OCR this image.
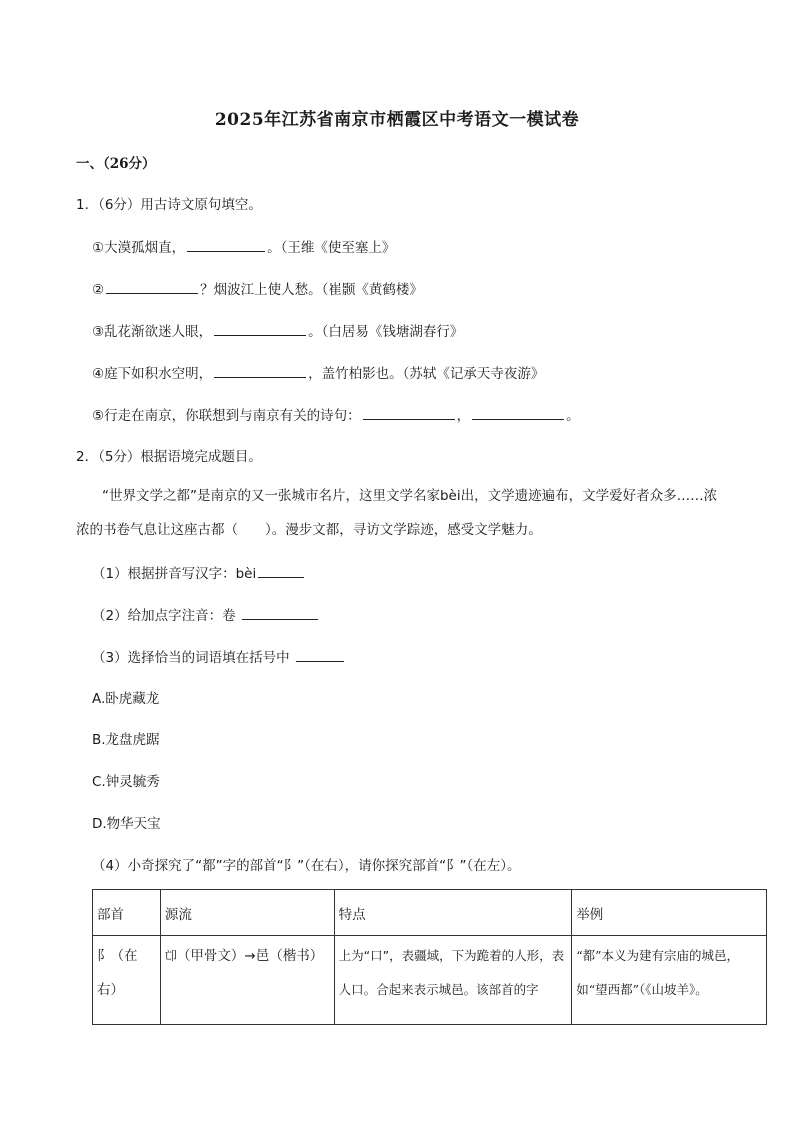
2025年江苏省南京市栖霞区中考语文一模试卷
一、（26分）
1．（6分）用古诗文原句填空。
①大漠孤烟直，	。（王维《使至塞上》
②	？烟波江上使人愁。（崔颢《黄鹤楼》
③乱花渐欲迷人眼，	。（白居易《钱塘湖春行》
④庭下如积水空明，	，盖竹柏影也。（苏轼《记承天寺夜游》
⑤行走在南京，你联想到与南京有关的诗句：	，	。
2．（5分）根据语境完成题目。
“世界文学之都”是南京的又一张城市名片，这里文学名家bèi出，文学遗迹遍布，文学爱好者众多……浓浓的书卷气息让这座古都（　　）。漫步文都，寻访文学踪迹，感受文学魅力。
（1）根据拼音写汉字：bèi
（2）给加点字注音：卷
（3）选择恰当的词语填在括号中
A.卧虎藏龙
B.龙盘虎踞
C.钟灵毓秀
D.物华天宝
（4）小奇探究了“都”字的部首“阝”（在右），请你探究部首“阝”（在左）。
部首	源流	特点	举例
阝（在右）	𠨑（甲骨文）→邑（楷书）	上为“口”，表疆域，下为跪着的人形，表人口。合起来表示城邑。该部首的字	“都”本义为建有宗庙的城邑，如“望西都”（《山坡羊》。
